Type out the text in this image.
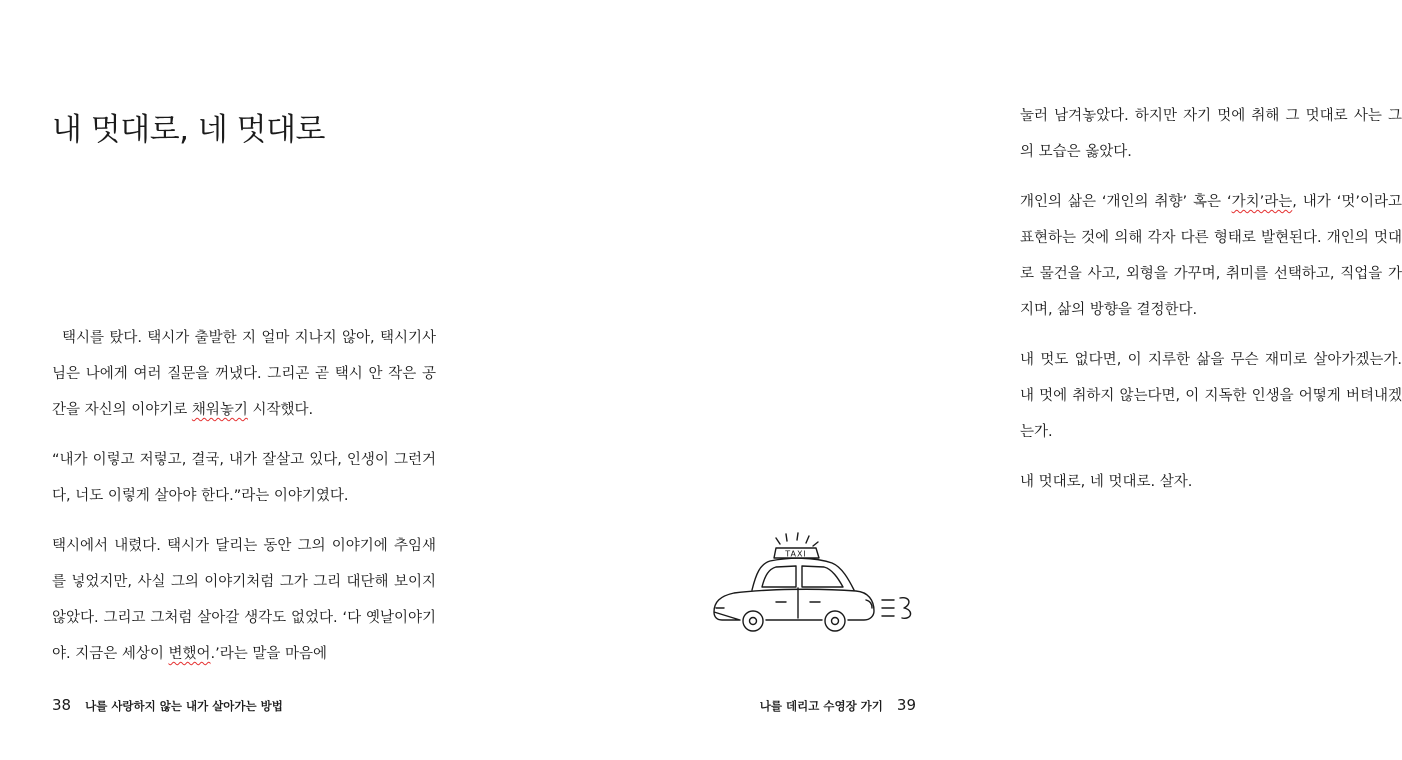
내 멋대로, 네 멋대로

택시를 탔다. 택시가 출발한 지 얼마 지나지 않아, 택시기사님은 나에게 여러 질문을 꺼냈다. 그리곤 곧 택시 안 작은 공간을 자신의 이야기로 채워놓기 시작했다.

“내가 이렇고 저렇고, 결국, 내가 잘살고 있다, 인생이 그런거다, 너도 이렇게 살아야 한다.”라는 이야기였다.

택시에서 내렸다. 택시가 달리는 동안 그의 이야기에 추임새를 넣었지만, 사실 그의 이야기처럼 그가 그리 대단해 보이지 않았다. 그리고 그처럼 살아갈 생각도 없었다. ‘다 옛날이야기야. 지금은 세상이 변했어.’라는 말을 마음에

38 나를 사랑하지 않는 내가 살아가는 방법

눌러 남겨놓았다. 하지만 자기 멋에 취해 그 멋대로 사는 그의 모습은 옳았다.

개인의 삶은 ‘개인의 취향’ 혹은 ‘가치’라는, 내가 ‘멋’이라고 표현하는 것에 의해 각자 다른 형태로 발현된다. 개인의 멋대로 물건을 사고, 외형을 가꾸며, 취미를 선택하고, 직업을 가지며, 삶의 방향을 결정한다.

내 멋도 없다면, 이 지루한 삶을 무슨 재미로 살아가겠는가. 내 멋에 취하지 않는다면, 이 지독한 인생을 어떻게 버텨내겠는가.

내 멋대로, 네 멋대로. 살자.

나를 데리고 수영장 가기 39
TAXI
